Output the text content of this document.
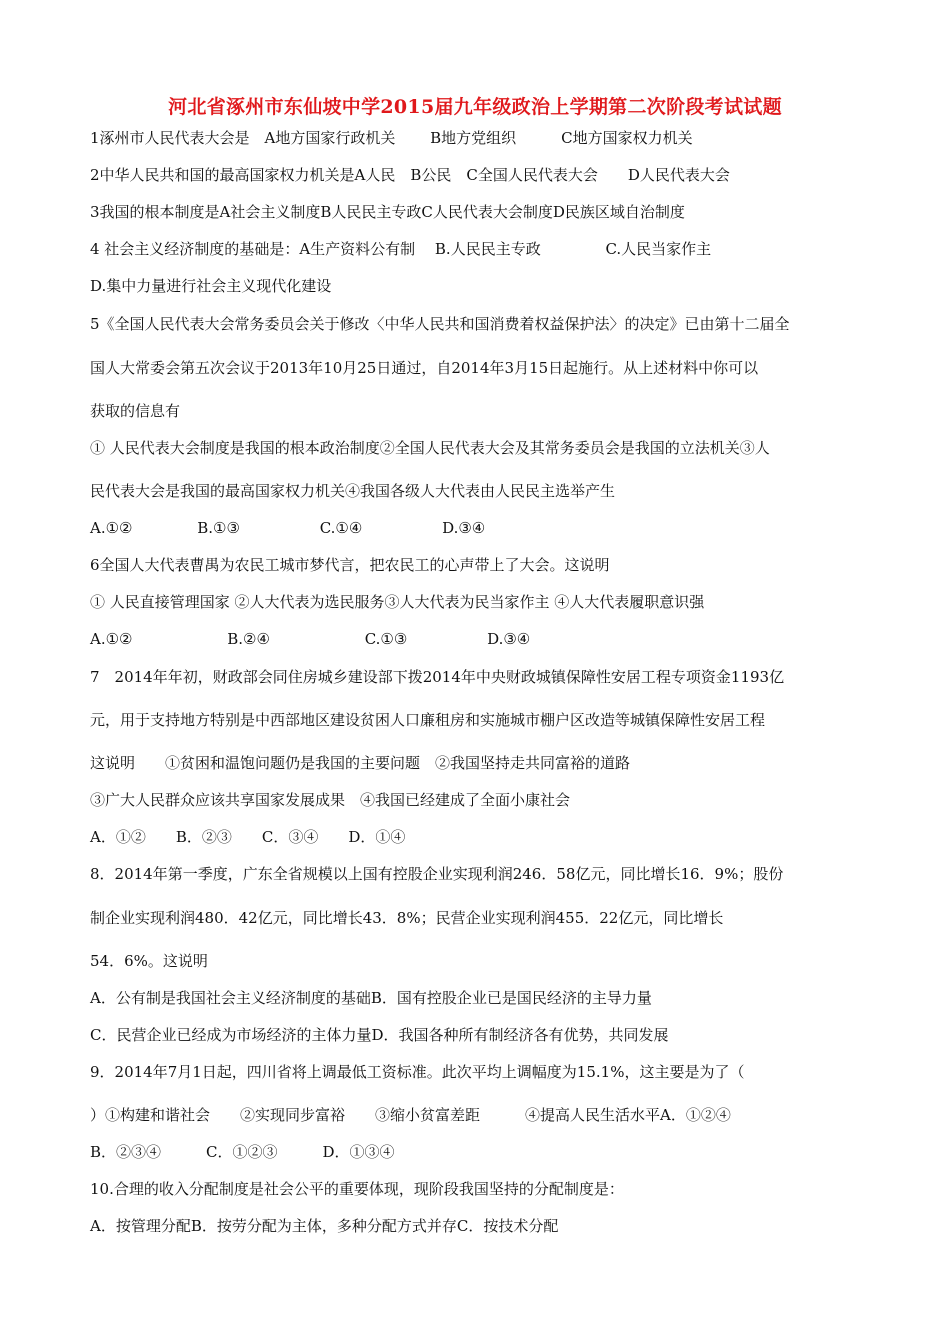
河北省涿州市东仙坡中学2015届九年级政治上学期第二次阶段考试试题
1涿州市人民代表大会是　A地方国家行政机关　　 B地方党组织　　　C地方国家权力机关
2中华人民共和国的最高国家权力机关是A人民　B公民　C全国人民代表大会　　D人民代表大会
3我国的根本制度是A社会主义制度B人民民主专政C人民代表大会制度D民族区域自治制度
4 社会主义经济制度的基础是：A生产资料公有制　 B.人民民主专政　　　　 C.人民当家作主
D.集中力量进行社会主义现代化建设
5《全国人民代表大会常务委员会关于修改〈中华人民共和国消费着权益保护法〉的决定》已由第十二届全
国人大常委会第五次会议于2013年10月25日通过，自2014年3月15日起施行。从上述材料中你可以
获取的信息有
① 人民代表大会制度是我国的根本政治制度②全国人民代表大会及其常务委员会是我国的立法机关③人
民代表大会是我国的最高国家权力机关④我国各级人大代表由人民民主选举产生
A.①②　　　　 B.①③　　　　　 C.①④　　　　　 D.③④
6全国人大代表曹禺为农民工城市梦代言，把农民工的心声带上了大会。这说明
① 人民直接管理国家 ②人大代表为选民服务③人大代表为民当家作主 ④人大代表履职意识强
A.①②　　　　　　 B.②④　　　　　　 C.①③　　　　　 D.③④
7　2014年年初，财政部会同住房城乡建设部下拨2014年中央财政城镇保障性安居工程专项资金1193亿
元，用于支持地方特别是中西部地区建设贫困人口廉租房和实施城市棚户区改造等城镇保障性安居工程
这说明　　①贫困和温饱问题仍是我国的主要问题　②我国坚持走共同富裕的道路
③广大人民群众应该共享国家发展成果　④我国已经建成了全面小康社会
A．①②　　B．②③　　C．③④　　D．①④
8．2014年第一季度，广东全省规模以上国有控股企业实现利润246．58亿元，同比增长16．9%；股份
制企业实现利润480．42亿元，同比增长43．8%；民营企业实现利润455．22亿元，同比增长
54．6%。这说明
A．公有制是我国社会主义经济制度的基础B．国有控股企业已是国民经济的主导力量
C．民营企业已经成为市场经济的主体力量D．我国各种所有制经济各有优势，共同发展
9．2014年7月1日起，四川省将上调最低工资标准。此次平均上调幅度为15.1%，这主要是为了（
）①构建和谐社会　　②实现同步富裕　　③缩小贫富差距　　　④提高人民生活水平A．①②④
B．②③④　　　C．①②③　　　D．①③④
10.合理的收入分配制度是社会公平的重要体现，现阶段我国坚持的分配制度是：
A．按管理分配B．按劳分配为主体，多种分配方式并存C．按技术分配
